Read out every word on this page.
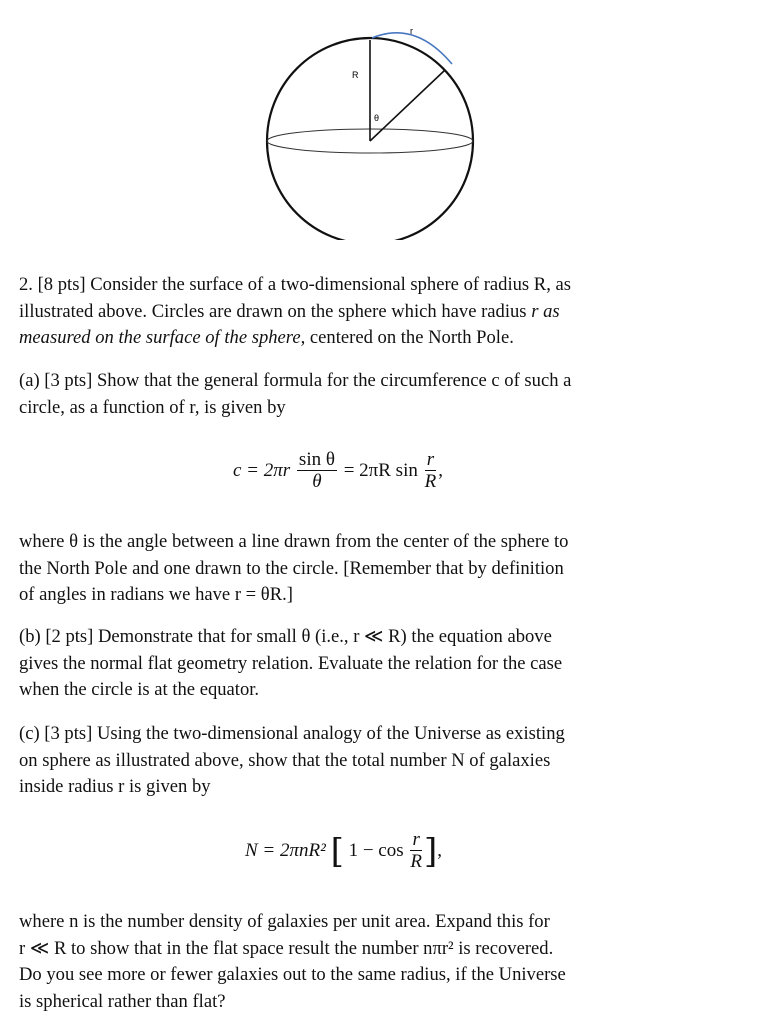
R
θ
r

2. [8 pts] Consider the surface of a two-dimensional sphere of radius R, as

illustrated above. Circles are drawn on the sphere which have radius r as

measured on the surface of the sphere, centered on the North Pole.

(a) [3 pts] Show that the general formula for the circumference c of such a

circle, as a function of r, is given by

$c = 2\pi r \frac{\text{sin θ}}{\theta} = 2\pi R$ $\sin \frac{r}{R}$ ,

where θ is the angle between a line drawn from the center of the sphere to

the North Pole and one drawn to the circle. [Remember that by definition

of angles in radians we have r = θR.]

(b) [2 pts] Demonstrate that for small θ (i.e., r ≪ R) the equation above

gives the normal flat geometry relation. Evaluate the relation for the case

when the circle is at the equator.

(c) [3 pts] Using the two-dimensional analogy of the Universe as existing

on sphere as illustrated above, show that the total number N of galaxies

inside radius r is given by

N = 2πnR² [ $1 - \cos \frac{r}{R}$ ],

where n is the number density of galaxies per unit area. Expand this for

r ≪ R to show that in the flat space result the number nπr² is recovered.

Do you see more or fewer galaxies out to the same radius, if the Universe

is spherical rather than flat?
